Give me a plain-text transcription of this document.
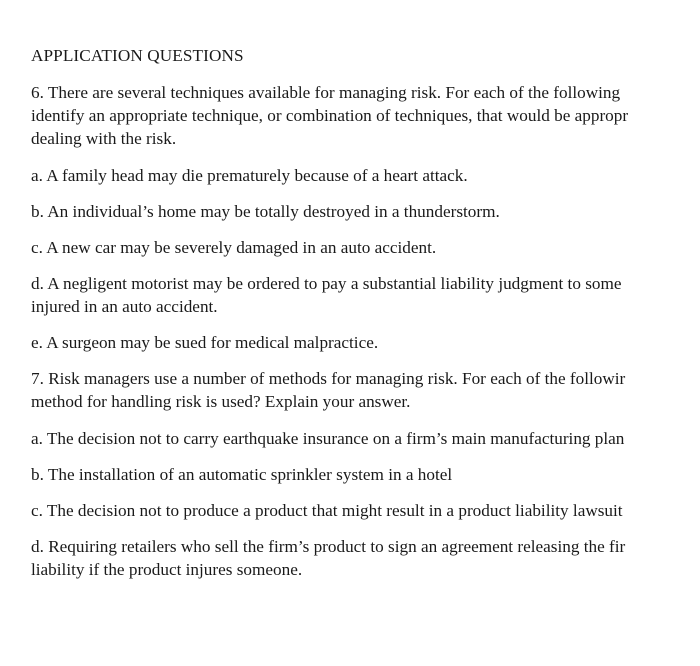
APPLICATION QUESTIONS
6. There are several techniques available for managing risk. For each of the following
identify an appropriate technique, or combination of techniques, that would be appropr
dealing with the risk.
a. A family head may die prematurely because of a heart attack.
b. An individual’s home may be totally destroyed in a thunderstorm.
c. A new car may be severely damaged in an auto accident.
d. A negligent motorist may be ordered to pay a substantial liability judgment to some
injured in an auto accident.
e. A surgeon may be sued for medical malpractice.
7. Risk managers use a number of methods for managing risk. For each of the followir
method for handling risk is used? Explain your answer.
a. The decision not to carry earthquake insurance on a firm’s main manufacturing plan
b. The installation of an automatic sprinkler system in a hotel
c. The decision not to produce a product that might result in a product liability lawsuit
d. Requiring retailers who sell the firm’s product to sign an agreement releasing the fir
liability if the product injures someone.
